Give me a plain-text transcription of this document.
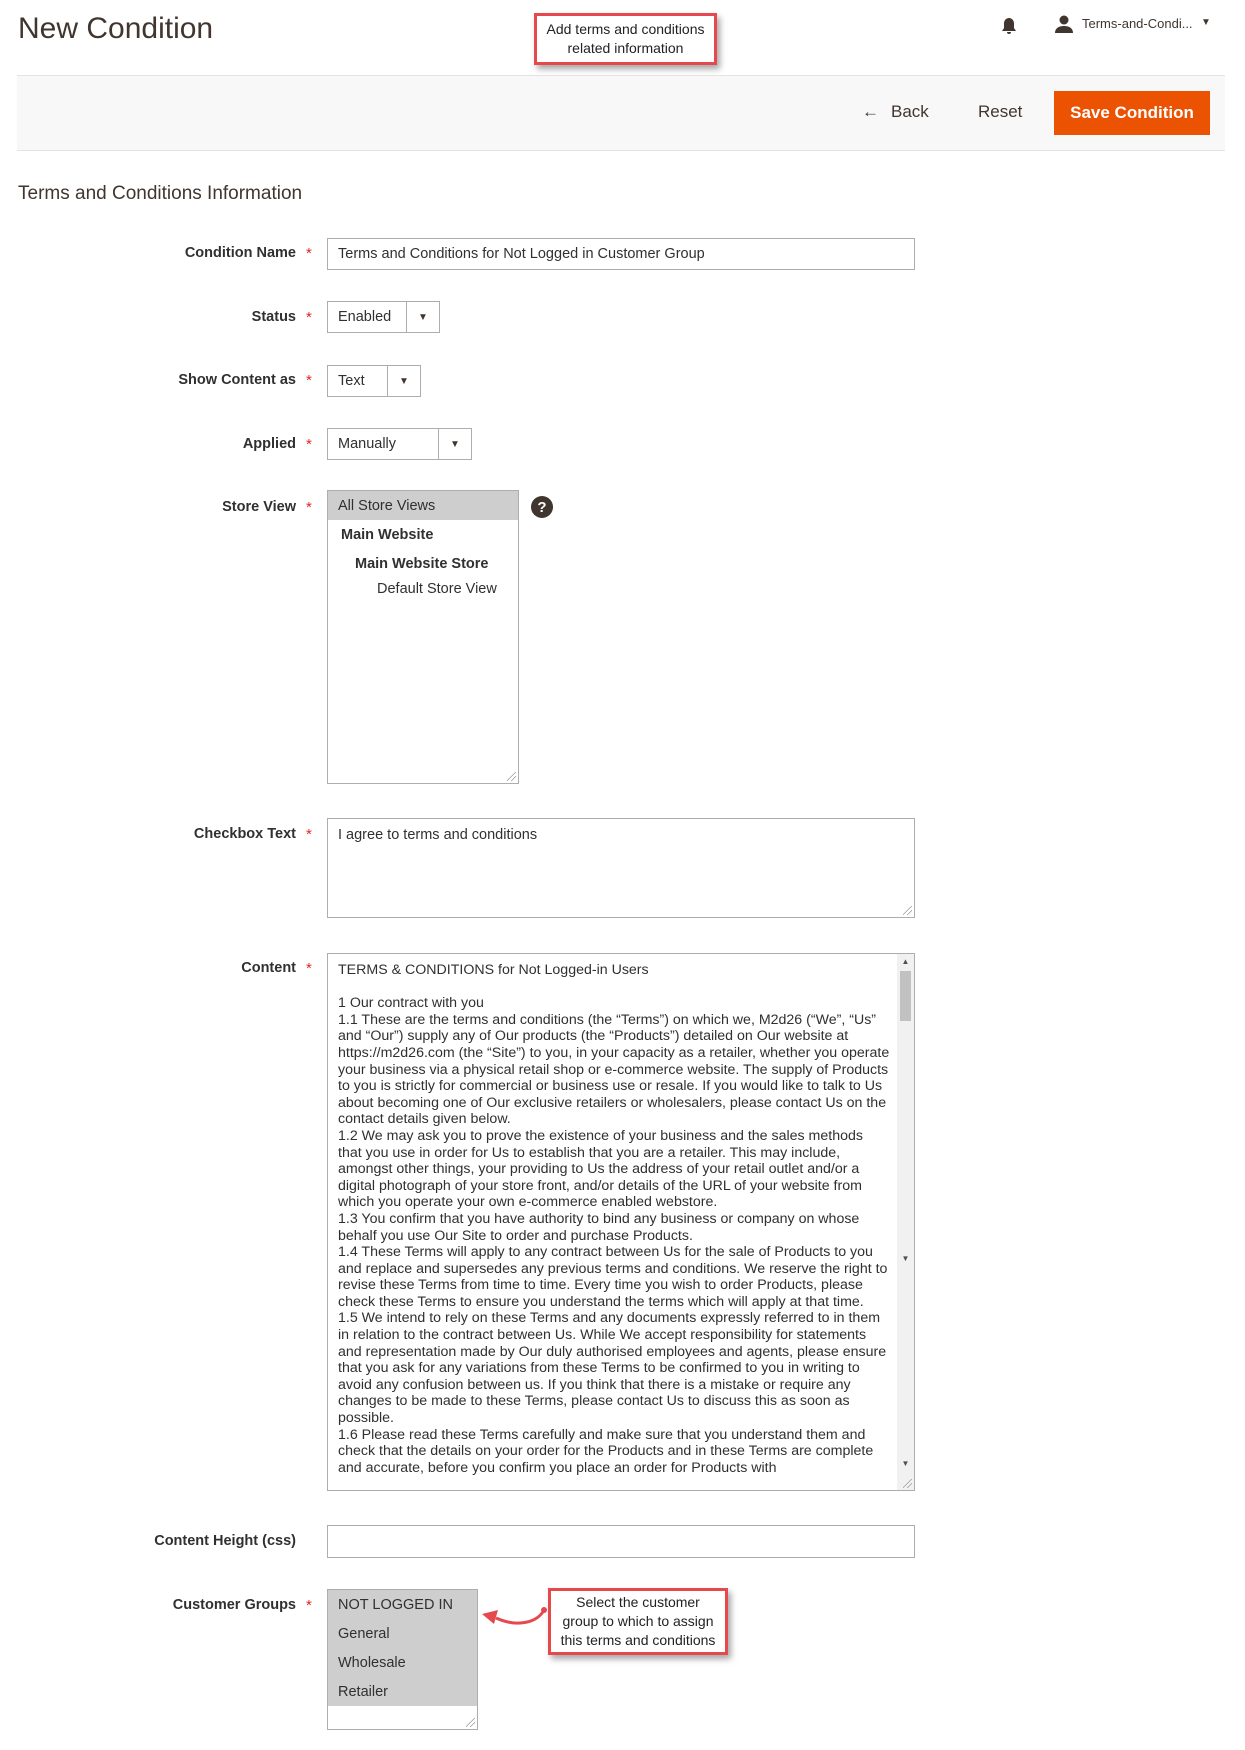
New Condition	Add terms and conditions related information
Terms-and-Condi... ▼
← Back	Reset	Save Condition
Terms and Conditions Information
Condition Name *	Terms and Conditions for Not Logged in Customer Group
Status *	Enabled	▼
Show Content as *	Text	▼
Applied *	Manually	▼
Store View *	All Store Views
Main Website
Main Website Store
Default Store View
?
Checkbox Text * I agree to terms and conditions
Content * TERMS & CONDITIONS for Not Logged-in Users

1 Our contract with you
1.1 These are the terms and conditions (the “Terms”) on which we, M2d26 (“We”, “Us” and “Our”) supply any of Our products (the “Products”) detailed on Our website at https://m2d26.com (the “Site”) to you, in your capacity as a retailer, whether you operate your business via a physical retail shop or e-commerce website. The supply of Products to you is strictly for commercial or business use or resale. If you would like to talk to Us about becoming one of Our exclusive retailers or wholesalers, please contact Us on the contact details given below.
1.2 We may ask you to prove the existence of your business and the sales methods that you use in order for Us to establish that you are a retailer. This may include, amongst other things, your providing to Us the address of your retail outlet and/or a digital photograph of your store front, and/or details of the URL of your website from which you operate your own e-commerce enabled webstore.
1.3 You confirm that you have authority to bind any business or company on whose behalf you use Our Site to order and purchase Products.
1.4 These Terms will apply to any contract between Us for the sale of Products to you and replace and supersedes any previous terms and conditions. We reserve the right to revise these Terms from time to time. Every time you wish to order Products, please check these Terms to ensure you understand the terms which will apply at that time.
1.5 We intend to rely on these Terms and any documents expressly referred to in them in relation to the contract between Us. While We accept responsibility for statements and representation made by Our duly authorised employees and agents, please ensure that you ask for any variations from these Terms to be confirmed to you in writing to avoid any confusion between us. If you think that there is a mistake or require any changes to be made to these Terms, please contact Us to discuss this as soon as possible.
1.6 Please read these Terms carefully and make sure that you understand them and check that the details on your order for the Products and in these Terms are complete and accurate, before you confirm you place an order for Products with
▲
▼
▼
Content Height (css)
Customer Groups *	NOT LOGGED IN
General
Wholesale
Retailer
Select the customer group to which to assign this terms and conditions
